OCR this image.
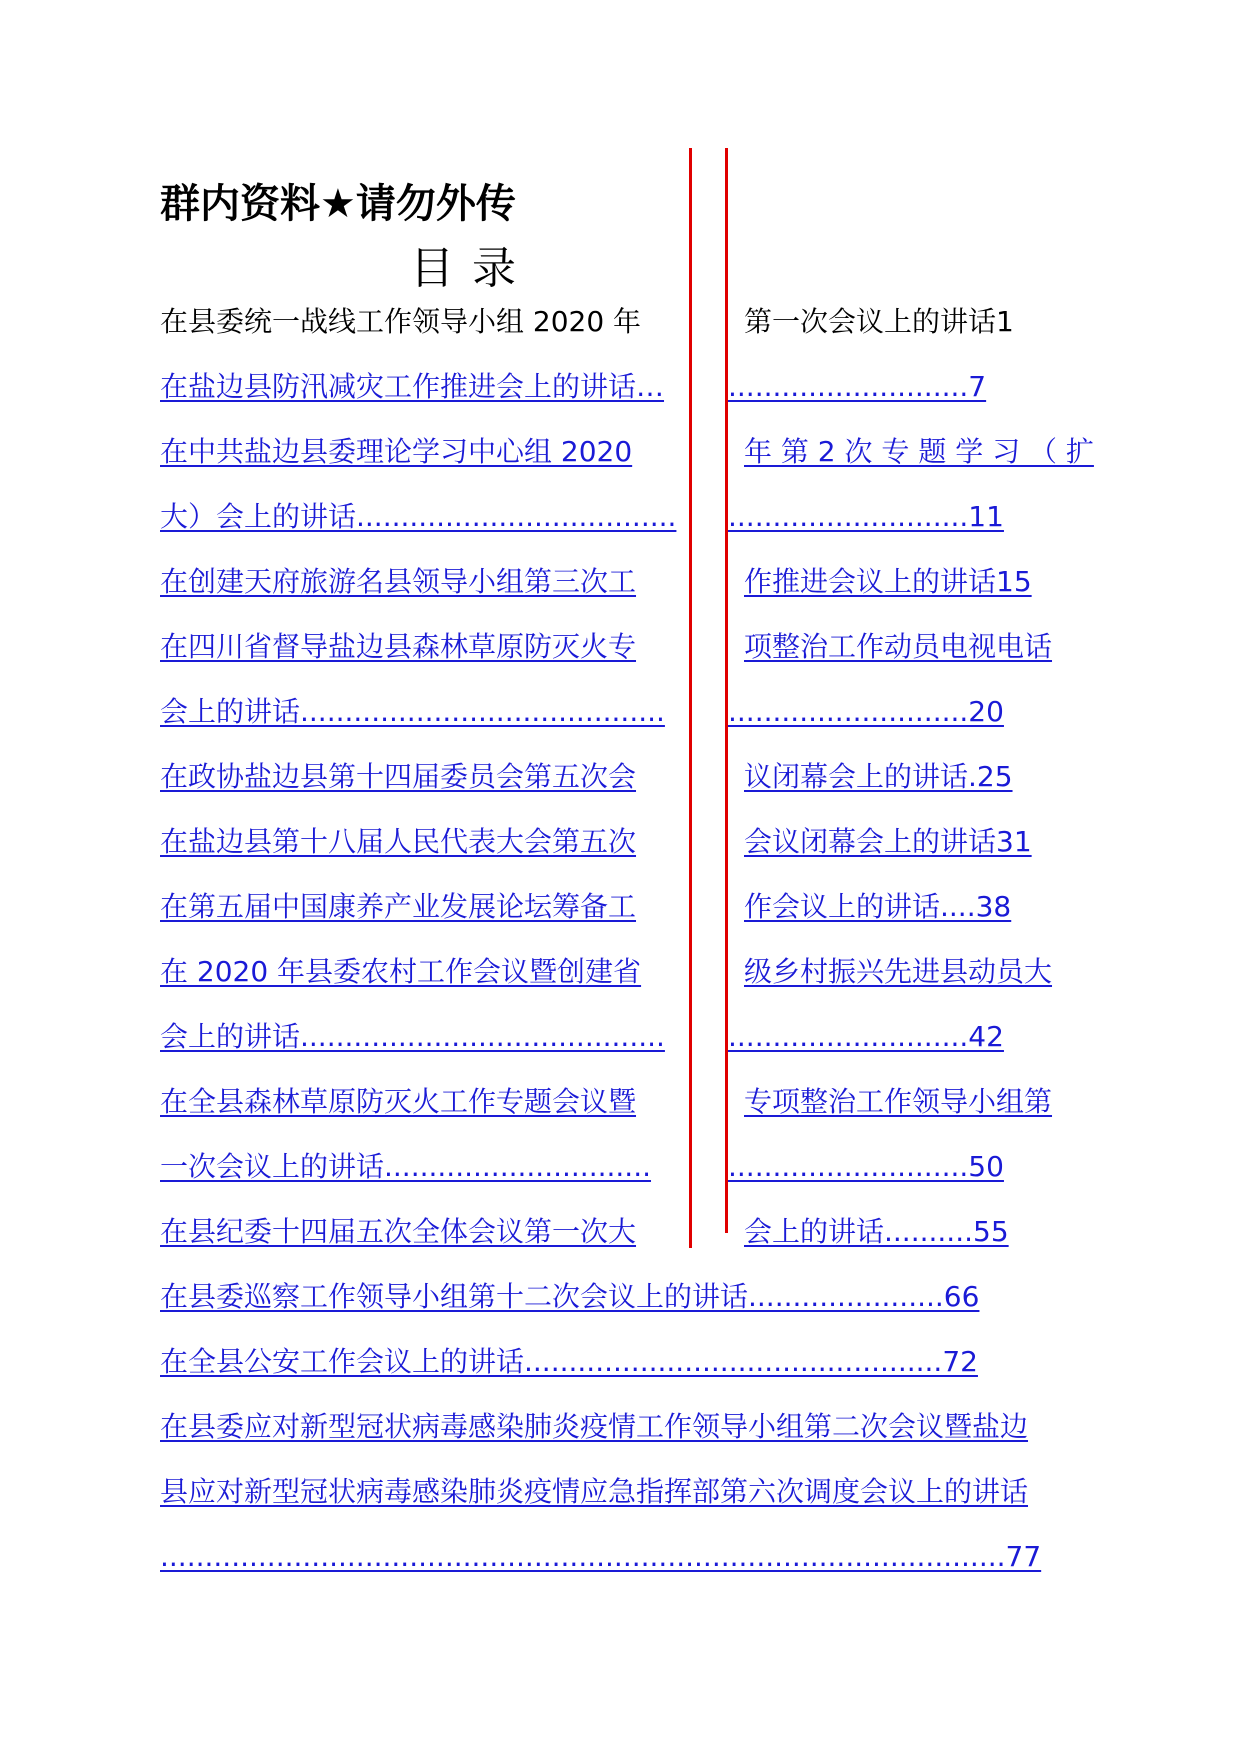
群内资料★请勿外传
目录
在县委统一战线工作领导小组 2020 年	第一次会议上的讲话1
在盐边县防汛减灾工作推进会上的讲话…	...........................7
在中共盐边县委理论学习中心组 2020	年 第 2 次 专 题 学 习 （ 扩
大）会上的讲话....................................	...........................11
在创建天府旅游名县领导小组第三次工	作推进会议上的讲话15
在四川省督导盐边县森林草原防灭火专	项整治工作动员电视电话
会上的讲话.........................................	...........................20
在政协盐边县第十四届委员会第五次会	议闭幕会上的讲话.25
在盐边县第十八届人民代表大会第五次	会议闭幕会上的讲话31
在第五届中国康养产业发展论坛筹备工	作会议上的讲话....38
在 2020 年县委农村工作会议暨创建省	级乡村振兴先进县动员大
会上的讲话.........................................	...........................42
在全县森林草原防灭火工作专题会议暨	专项整治工作领导小组第
一次会议上的讲话..............................	...........................50
在县纪委十四届五次全体会议第一次大	会上的讲话..........55
在县委巡察工作领导小组第十二次会议上的讲话......................66
在全县公安工作会议上的讲话...............................................72
在县委应对新型冠状病毒感染肺炎疫情工作领导小组第二次会议暨盐边
县应对新型冠状病毒感染肺炎疫情应急指挥部第六次调度会议上的讲话
...............................................................................................77
